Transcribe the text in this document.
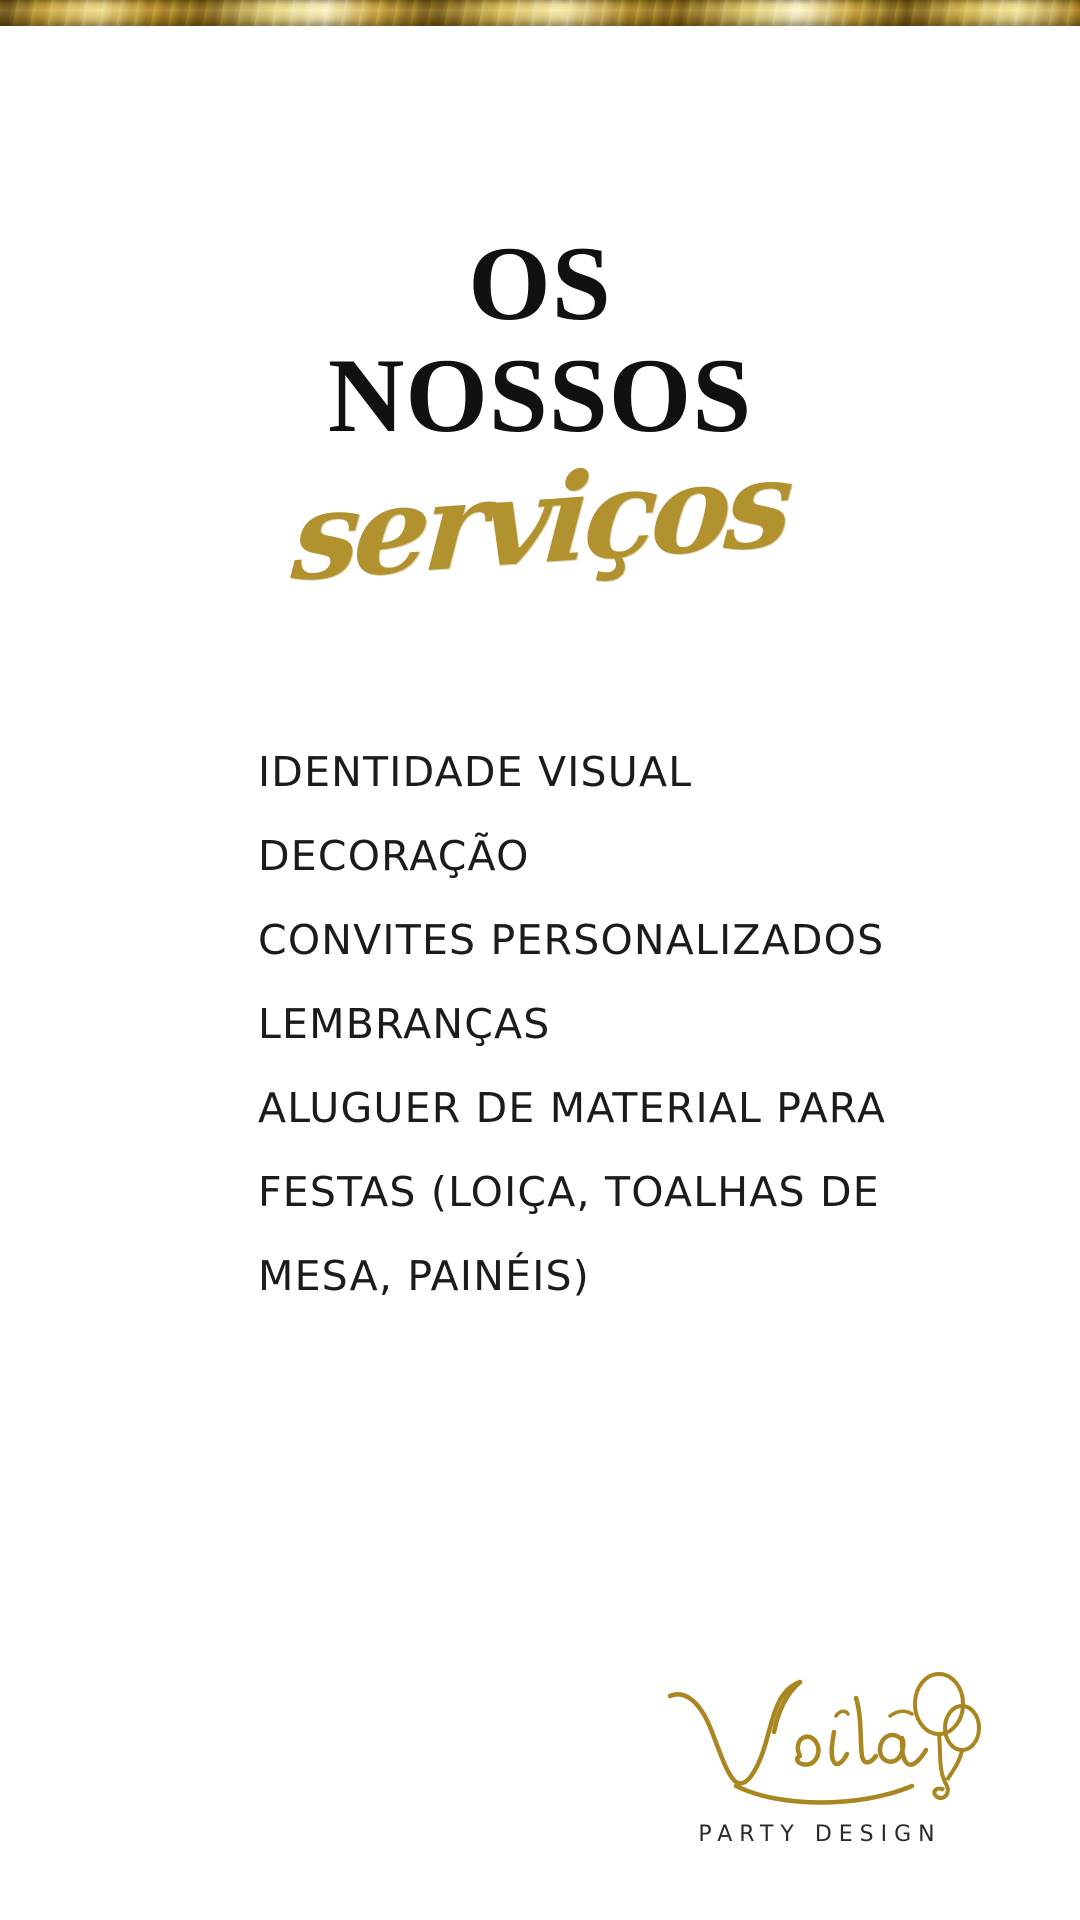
OS
NOSSOS
serviços
IDENTIDADE VISUAL
DECORAÇÃO
CONVITES PERSONALIZADOS
LEMBRANÇAS
ALUGUER DE MATERIAL PARA FESTAS (LOIÇA, TOALHAS DE MESA, PAINÉIS)
PARTY DESIGN
